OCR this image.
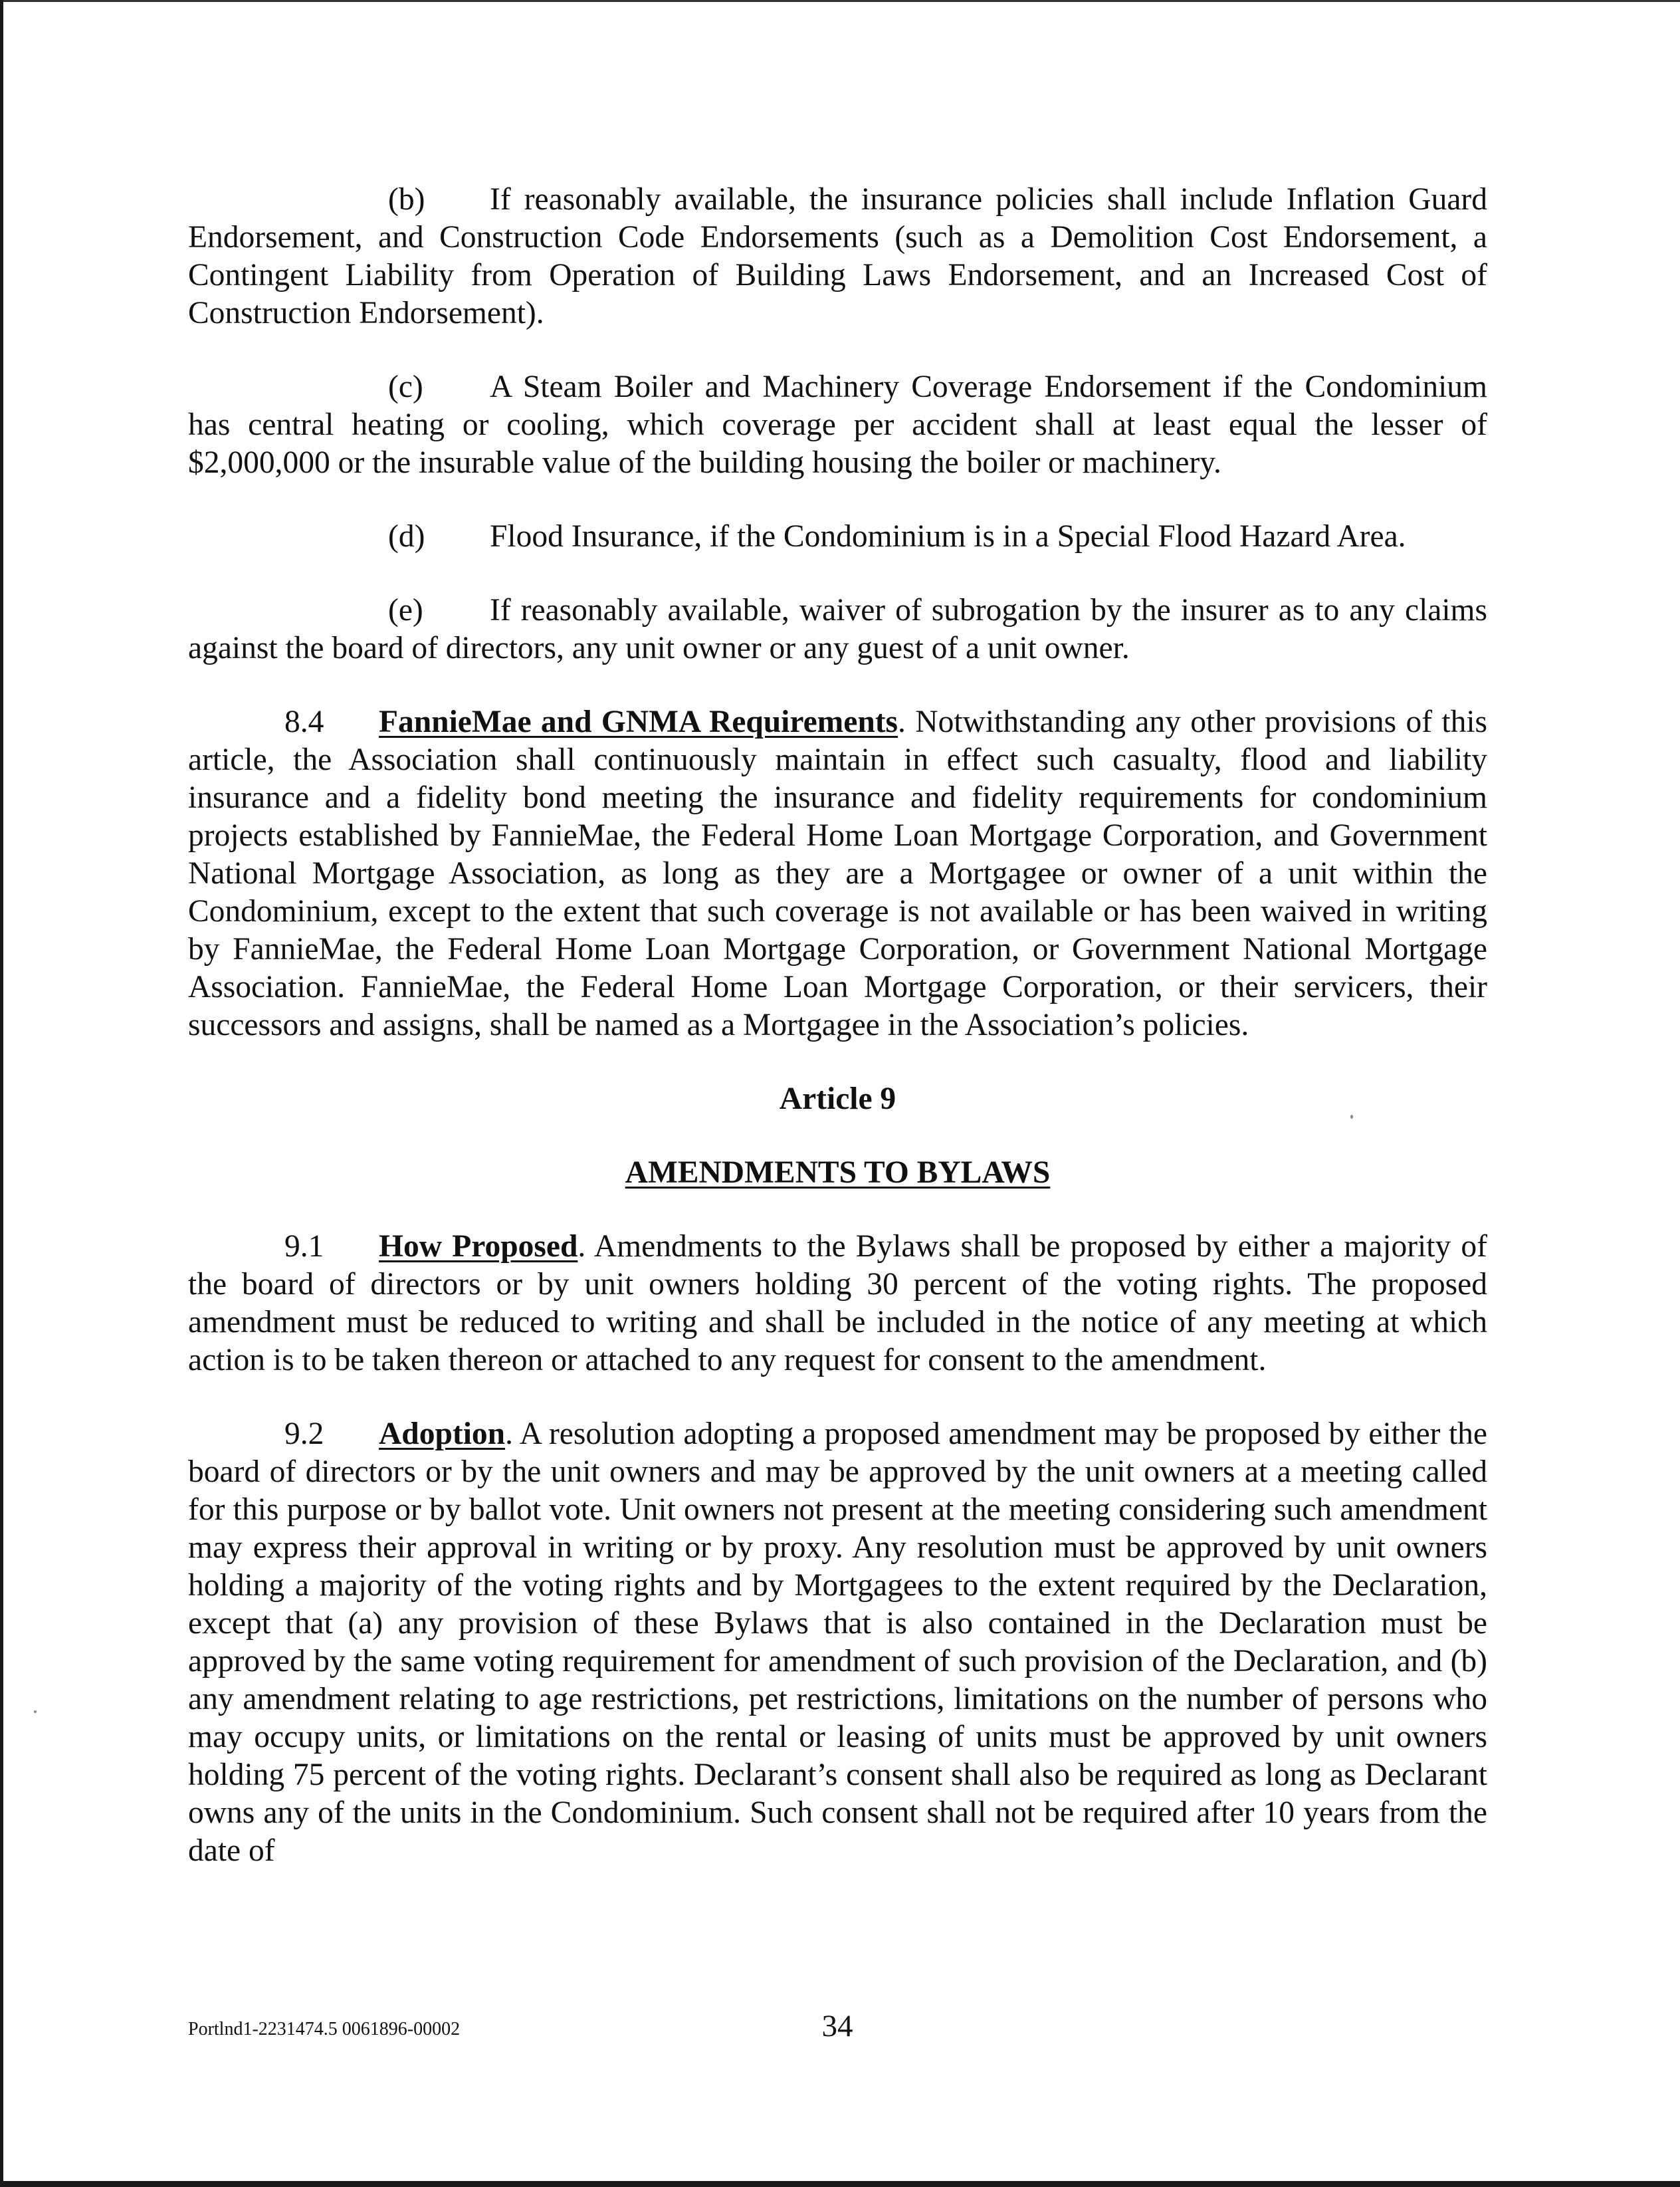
(b) If reasonably available, the insurance policies shall include Inflation Guard Endorsement, and Construction Code Endorsements (such as a Demolition Cost Endorsement, a Contingent Liability from Operation of Building Laws Endorsement, and an Increased Cost of Construction Endorsement).

(c) A Steam Boiler and Machinery Coverage Endorsement if the Condominium has central heating or cooling, which coverage per accident shall at least equal the lesser of $2,000,000 or the insurable value of the building housing the boiler or machinery.

(d) Flood Insurance, if the Condominium is in a Special Flood Hazard Area.

(e) If reasonably available, waiver of subrogation by the insurer as to any claims against the board of directors, any unit owner or any guest of a unit owner.

8.4 FannieMae and GNMA Requirements. Notwithstanding any other provisions of this article, the Association shall continuously maintain in effect such casualty, flood and liability insurance and a fidelity bond meeting the insurance and fidelity requirements for condominium projects established by FannieMae, the Federal Home Loan Mortgage Corporation, and Government National Mortgage Association, as long as they are a Mortgagee or owner of a unit within the Condominium, except to the extent that such coverage is not available or has been waived in writing by FannieMae, the Federal Home Loan Mortgage Corporation, or Government National Mortgage Association. FannieMae, the Federal Home Loan Mortgage Corporation, or their servicers, their successors and assigns, shall be named as a Mortgagee in the Association’s policies.

Article 9

AMENDMENTS TO BYLAWS

9.1 How Proposed. Amendments to the Bylaws shall be proposed by either a majority of the board of directors or by unit owners holding 30 percent of the voting rights. The proposed amendment must be reduced to writing and shall be included in the notice of any meeting at which action is to be taken thereon or attached to any request for consent to the amendment.

9.2 Adoption. A resolution adopting a proposed amendment may be proposed by either the board of directors or by the unit owners and may be approved by the unit owners at a meeting called for this purpose or by ballot vote. Unit owners not present at the meeting considering such amendment may express their approval in writing or by proxy. Any resolution must be approved by unit owners holding a majority of the voting rights and by Mortgagees to the extent required by the Declaration, except that (a) any provision of these Bylaws that is also contained in the Declaration must be approved by the same voting requirement for amendment of such provision of the Declaration, and (b) any amendment relating to age restrictions, pet restrictions, limitations on the number of persons who may occupy units, or limitations on the rental or leasing of units must be approved by unit owners holding 75 percent of the voting rights. Declarant’s consent shall also be required as long as Declarant owns any of the units in the Condominium. Such consent shall not be required after 10 years from the date of

Portlnd1-2231474.5 0061896-00002	34
